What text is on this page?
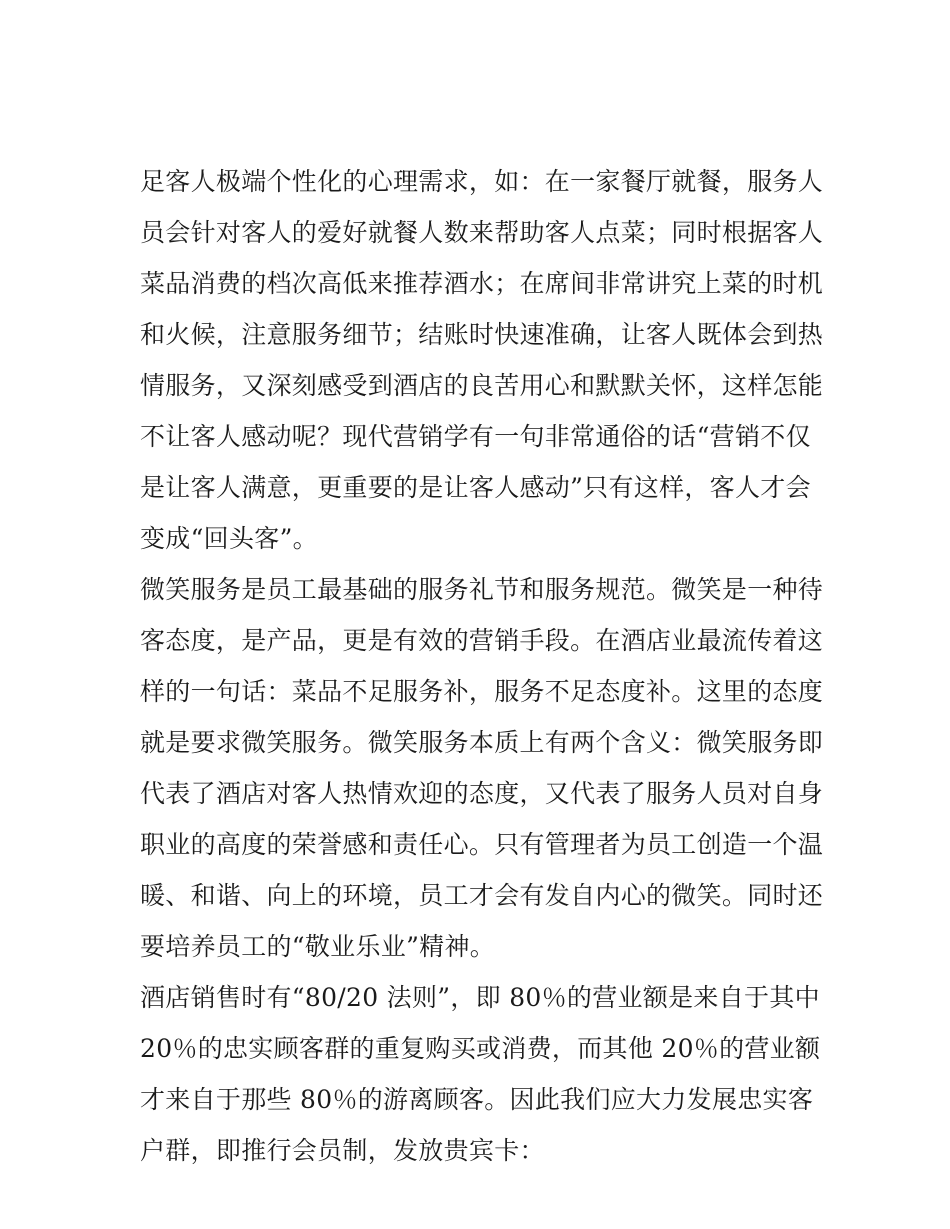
足客人极端个性化的心理需求，如：在一家餐厅就餐，服务人
员会针对客人的爱好就餐人数来帮助客人点菜；同时根据客人
菜品消费的档次高低来推荐酒水；在席间非常讲究上菜的时机
和火候，注意服务细节；结账时快速准确，让客人既体会到热
情服务，又深刻感受到酒店的良苦用心和默默关怀，这样怎能
不让客人感动呢？现代营销学有一句非常通俗的话“营销不仅
是让客人满意，更重要的是让客人感动”只有这样，客人才会
变成“回头客”。
微笑服务是员工最基础的服务礼节和服务规范。微笑是一种待
客态度，是产品，更是有效的营销手段。在酒店业最流传着这
样的一句话：菜品不足服务补，服务不足态度补。这里的态度
就是要求微笑服务。微笑服务本质上有两个含义：微笑服务即
代表了酒店对客人热情欢迎的态度，又代表了服务人员对自身
职业的高度的荣誉感和责任心。只有管理者为员工创造一个温
暖、和谐、向上的环境，员工才会有发自内心的微笑。同时还
要培养员工的“敬业乐业”精神。
酒店销售时有“80/20 法则”，即 80％的营业额是来自于其中
20％的忠实顾客群的重复购买或消费，而其他 20％的营业额
才来自于那些 80％的游离顾客。因此我们应大力发展忠实客
户群，即推行会员制，发放贵宾卡：
